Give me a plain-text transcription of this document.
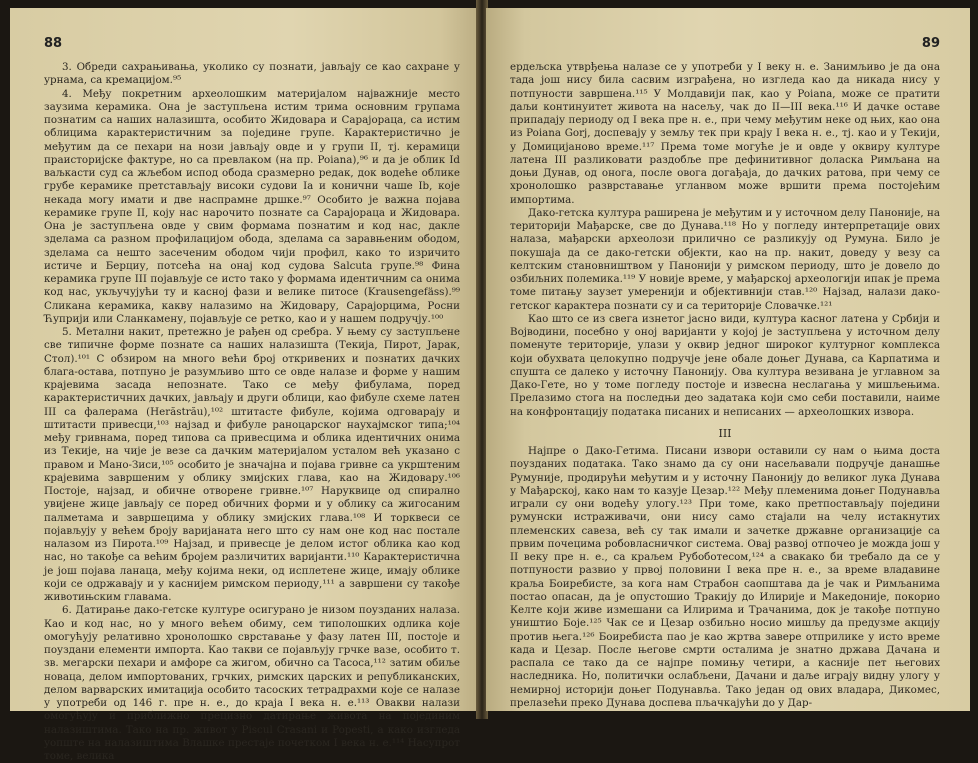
88

3. Обреди сахрањивања, уколико су познати, јављају се као сахране у урнама, са кремацијом.⁹⁵

4. Међу покретним археолошким материјалом најважније место заузима керамика. Она је заступљена истим трима основним групама познатим са наших налазишта, особито Жидовара и Сарајораца, са истим облицима карактеристичним за поједине групе. Карактеристично је међутим да се пехари на нози јављају овде и у групи II, тј. керамици праисторијске фактуре, но са превлаком (на пр. Poiana),⁹⁶ и да је облик Id ваљкасти суд са жљебом испод обода сразмерно редак, док водеће облике грубе керамике претстављају високи судови Ia и конични чаше Ib, које некада могу имати и две наспрамне дршке.⁹⁷ Особито је важна појава керамике групе II, коју нас нарочито познате са Сарајораца и Жидовара. Она је заступљена овде у свим формама познатим и код нас, дакле зделама са разном профилацијом обода, зделама са заравњеним ободом, зделама са нешто засеченим ободом чији профил, како то изричито истиче и Берциу, потсећа на онај код судова Salcuta групе.⁹⁸ Фина керамика групе III појављује се исто тако у формама идентичним са онима код нас, укључујући ту и касној фази и велике питосе (Krausengefäss).⁹⁹ Сликана керамика, какву налазимо на Жидовару, Сарајорцима, Росни Ћуприји или Сланкамену, појављује се ретко, као и у нашем подручју.¹⁰⁰

5. Метални накит, претежно је рађен од сребра. У њему су заступљене све типичне форме познате са наших налазишта (Текија, Пирот, Јарак, Стол).¹⁰¹ С обзиром на много већи број откривених и познатих дачких блага-остава, потпуно је разумљиво што се овде налазе и форме у нашим крајевима засада непознате. Тако се међу фибулама, поред карактеристичних дачких, јављају и други облици, као фибуле схеме латен III са фалерама (Herăstrău),¹⁰² штитасте фибуле, којима одговарају и штитасти привесци,¹⁰³ најзад и фибуле раноцарског наухајмског типа;¹⁰⁴ међу гривнама, поред типова са привесцима и облика идентичних онима из Текије, на чије је везе са дачким материјалом усталом већ указано с правом и Мано-Зиси,¹⁰⁵ особито је значајна и појава гривне са укрштеним крајевима завршеним у облику змијских глава, као на Жидовару.¹⁰⁶ Постоје, најзад, и обичне отворене гривне.¹⁰⁷ Наруквице од спирално увијене жице јављају се поред обичних форми и у облику са жигосаним палметама и завршецима у облику змијских глава.¹⁰⁸ И торквеси се појављују у већем броју варијаната него што су нам оне код нас постале налазом из Пирота.¹⁰⁹ Најзад, и привесце је делом истог облика као код нас, но такође са већим бројем различитих варијанти.¹¹⁰ Карактеристична је још појава ланаца, међу којима неки, од исплетене жице, имају облике који се одржавају и у каснијем римском периоду,¹¹¹ а завршени су такође животињским главама.

6. Датирање дако-гетске културе осигурано је низом поузданих налаза. Као и код нас, но у много већем обиму, сем типолошких одлика које омогућују релативно хронолошко сврставање у фазу латен III, постоје и поуздани елементи импорта. Као такви се појављују грчке вазе, особито т. зв. мегарски пехари и амфоре са жигом, обично са Тасоса,¹¹² затим обиље новаца, делом импортованих, грчких, римских царских и републиканских, делом варварских имитација особито тасоских тетрадрахми које се налазе у употреби од 146 г. пре н. е., до краја I века н. е.¹¹³ Овакви налази омогућују и приближно прецизно датирање живота на појединим налазиштима. Тако на пр. живот у Piscul Crasani и Popesti, а како изгледа уопште на налазиштима Влашке престаје почетком I века н. е.¹¹⁴ Насупрот томе, велика

89

ердељска утврђења налазе се у употреби у I веку н. е. Занимљиво је да она тада још нису била сасвим изграђена, но изгледа као да никада нису у потпуности завршена.¹¹⁵ У Молдавији пак, као у Poiana, може се пратити даљи континуитет живота на насељу, чак до II—III века.¹¹⁶ И дачке оставе припадају периоду од I века пре н. е., при чему међутим неке од њих, као она из Poiana Gorj, доспевају у земљу тек при крају I века н. е., тј. као и у Текији, у Домицијаново време.¹¹⁷ Према томе могуће је и овде у оквиру културе латена III разликовати раздобље пре дефинитивног доласка Римљана на доњи Дунав, од онога, после овога догађаја, до дачких ратова, при чему се хронолошко разврставање угланвом може вршити према постојећим импортима.

Дако-гетска култура раширена је међутим и у источном делу Паноније, на територији Мађарске, све до Дунава.¹¹⁸ Но у погледу интерпретације ових налаза, мађарски археолози прилично се разликују од Румуна. Било је покушаја да се дако-гетски објекти, као на пр. накит, доведу у везу са келтским становништвом у Панонији у римском периоду, што је довело до озбиљних полемика.¹¹⁹ У новије време, у мађарској археологији ипак је према томе питању заузет умеренији и објективнији став.¹²⁰ Најзад, налази дако-гетског карактера познати су и са територије Словачке.¹²¹

Као што се из свега изнетог јасно види, култура касног латена у Србији и Војводини, посебно у оној варијанти у којој је заступљена у источном делу поменуте територије, улази у оквир једног широког културног комплекса који обухвата целокупно подручје јене обале доњег Дунава, са Карпатима и спушта се далеко у источну Панонију. Ова култура везивана је углавном за Дако-Гете, но у томе погледу постоје и извесна неслагања у мишљењима. Прелазимо стога на последњи део задатака који смо себи поставили, наиме на конфронтацију података писаних и неписаних — археолошких извора.

III

Најпре о Дако-Гетима. Писани извори оставили су нам о њима доста поузданих података. Тако знамо да су они насељавали подручје данашње Румуније, продирући међутим и у источну Панонију до великог лука Дунава у Мађарској, како нам то казује Цезар.¹²² Међу племенима доњег Подунавља играли су они водећу улогу.¹²³ При томе, како претпостављају поједини румунски истраживачи, они нису само стајали на челу истакнутих племенских савеза, већ су так имали и зачетке државне организације са првим почецима робовласничког система. Овај развој отпочео је можда још у II веку пре н. е., са краљем Рубоботесом,¹²⁴ а свакако би требало да се у потпуности развио у првој половини I века пре н. е., за време владавине краља Боиребисте, за кога нам Страбон саопштава да је чак и Римљанима постао опасан, да је опустошио Тракију до Илирије и Македоније, покорио Келте који живе измешани са Илирима и Трачанима, док је такође потпуно уништио Боје.¹²⁵ Чак се и Цезар озбиљно носио мишљу да предузме акцију против њега.¹²⁶ Боиребиста пао је као жртва завере отприлике у исто време када и Цезар. После његове смрти осталима је знатно држава Дачана и распала се тако да се најпре помињу четири, а касније пет његових наследника. Но, политички ослабљени, Дачани и даље играју видну улогу у немирној историји доњег Подунавља. Тако један од ових владара, Дикомес, прелазећи преко Дунава доспева пљачкајући до у Дар-
